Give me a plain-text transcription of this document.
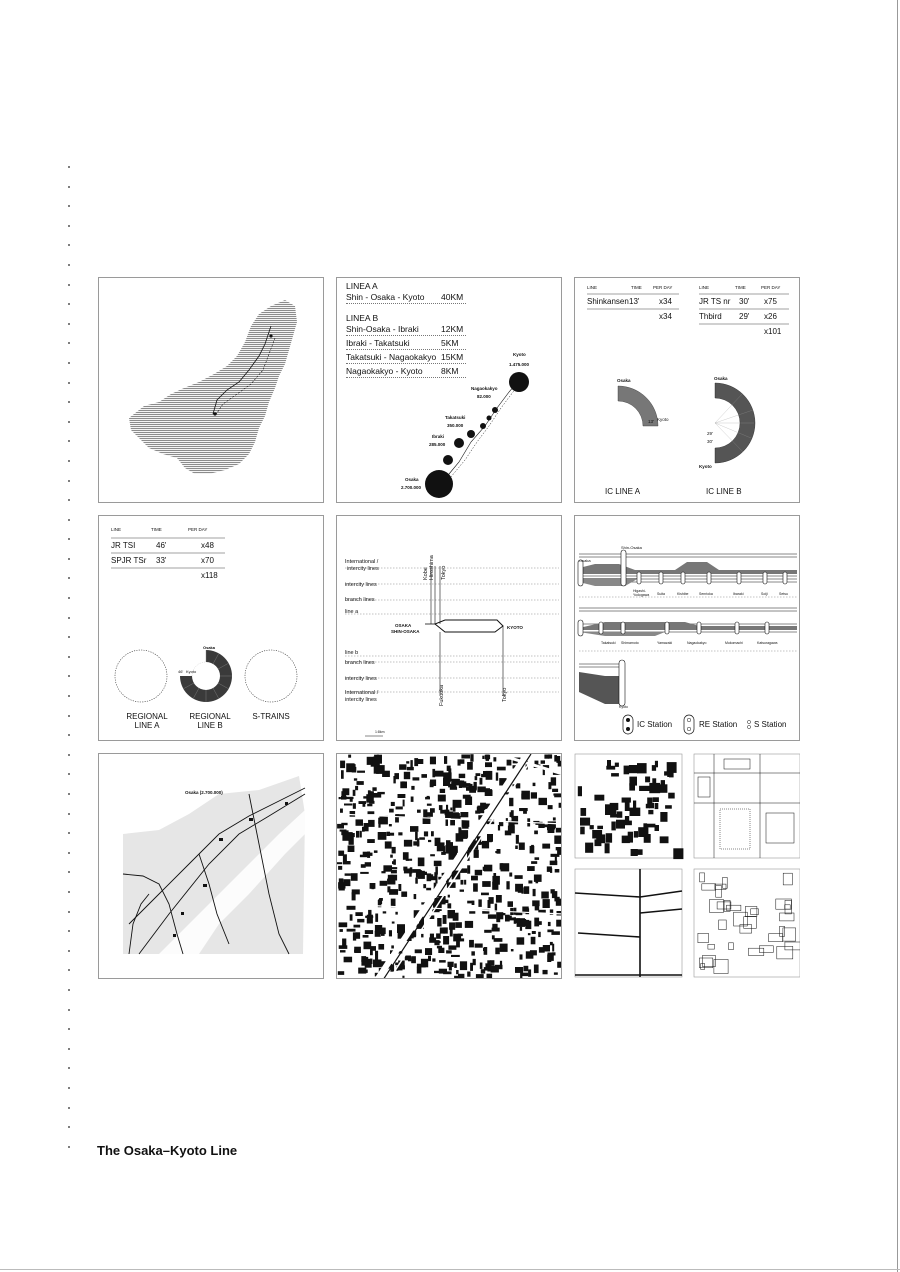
LINEA A
Shin - Osaka - Kyoto 40KM
LINEA B
Shin-Osaka - Ibraki	12KM
Ibraki - Takatsuki	5KM
Takatsuki - Nagaokakyo 15KM
Nagaokakyo - Kyoto 8KM
Kyoto
1.475.000
Nagaokakyo
82.000
Takatsuki
350.000
Ibraki
285.000
Osaka
2.700.000
LINE	TIME	PER DAY	LINE	TIME	PER DAY
Shinkansen 13' x34
x34
JR TS nr 30' x75
Thbird 29' x26
x101
Osaka
13' Kyoto
IC LINE A
Osaka
29'
30'
Kyoto
IC LINE B
LINE	TIME	PER DAY
JR TSI	46'	x48
SPJR TSr 33'	x70
x118
Osaka
Kyoto
46'
REGIONAL
LINE A
REGIONAL
LINE B
S-TRAINS
International /
intercity lines
intercity lines
branch lines
line a
line b
branch lines
intercity lines
International /
intercity lines
Kobe Hiroshima Tokyo
Fukuoka	Tokyo
OSAKA
SHIN-OSAKA
KYOTO
1:8km
Osaka
Shin-Osaka
Higashi-
Yodogawa Suita	Kishibe	Senrioka	Ibaraki	Soiji	Setsu
Takatsuki Shimamoto	Yamazaki	Nagaokakyo	Mukomachi	Katsuragawa
Kyoto
IC Station	RE Station S Station
Osaka (2.700.000)

The Osaka–Kyoto Line
